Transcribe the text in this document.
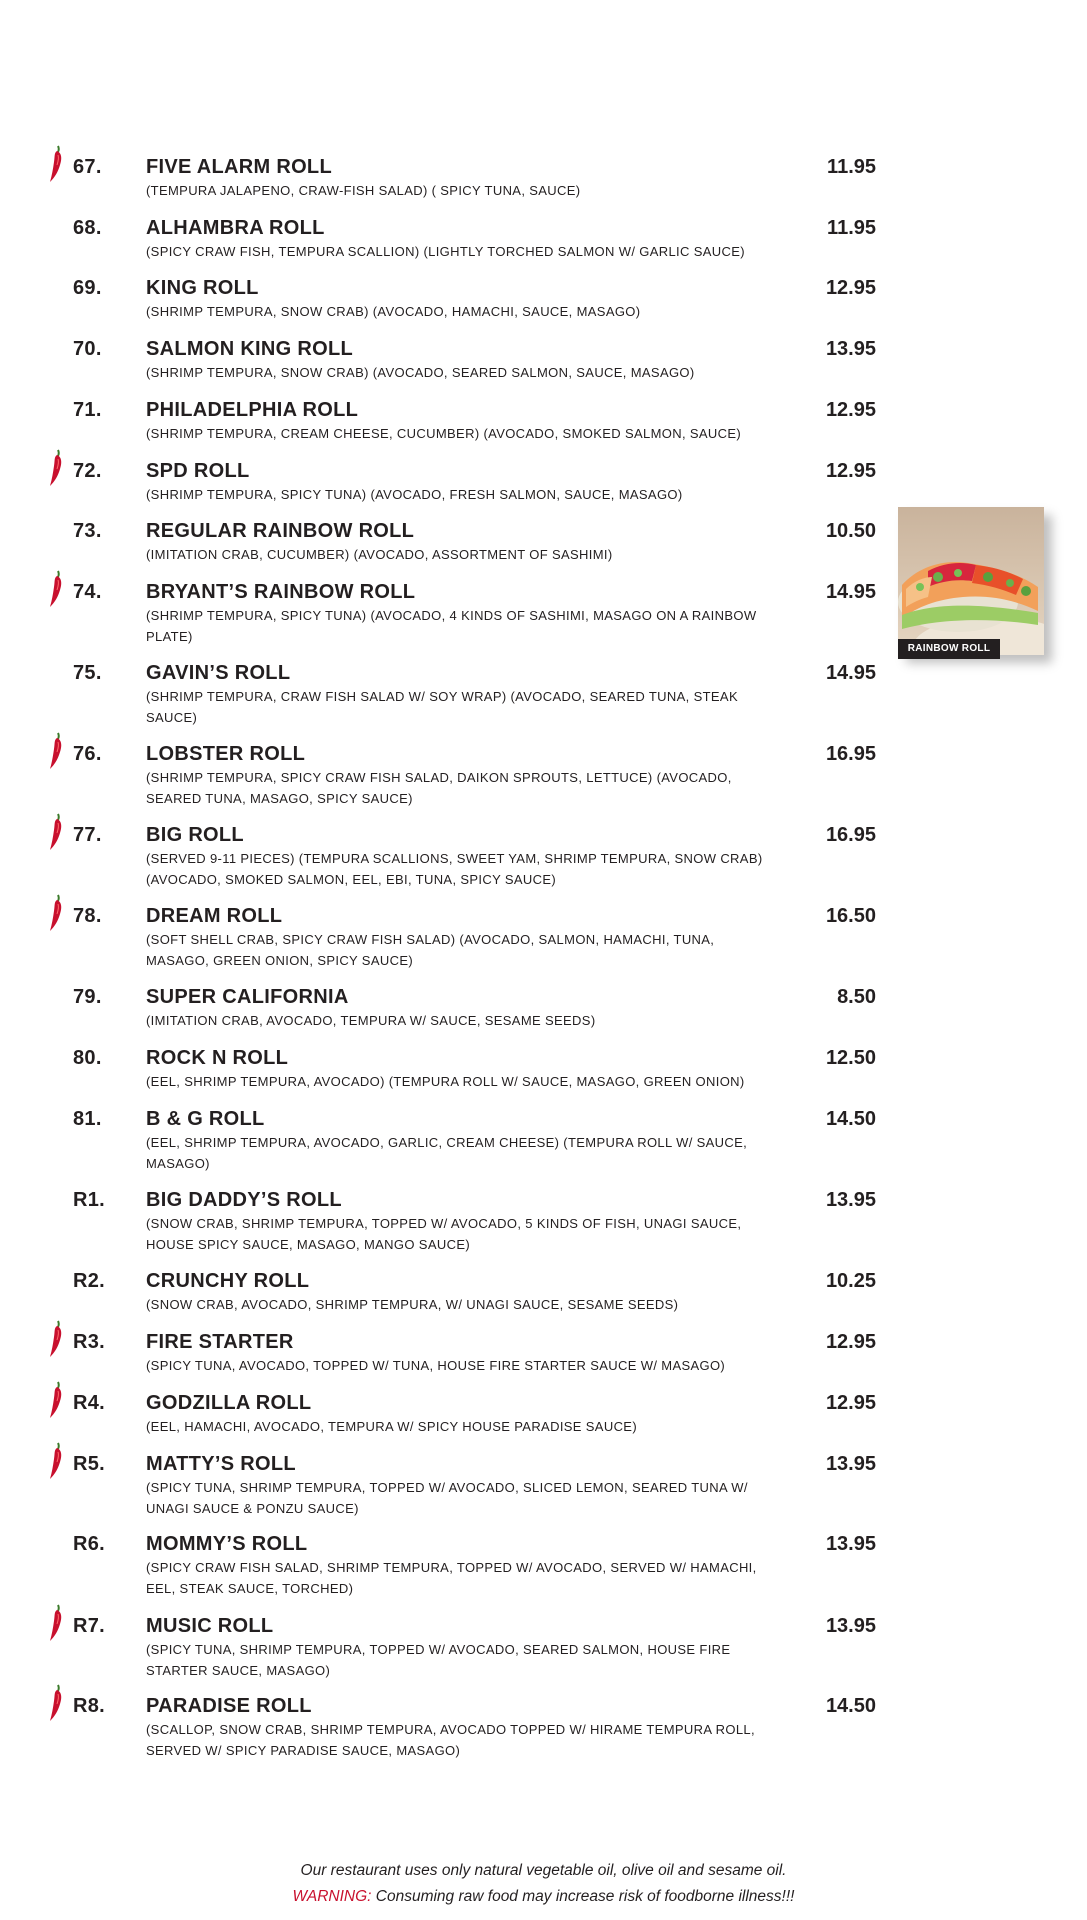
67. FIVE ALARM ROLL	11.95
(TEMPURA JALAPENO, CRAW-FISH SALAD) ( SPICY TUNA, SAUCE)
68. ALHAMBRA ROLL	11.95
(SPICY CRAW FISH, TEMPURA SCALLION) (LIGHTLY TORCHED SALMON W/ GARLIC SAUCE)
69. KING ROLL	12.95
(SHRIMP TEMPURA, SNOW CRAB) (AVOCADO, HAMACHI, SAUCE, MASAGO)
70. SALMON KING ROLL	13.95
(SHRIMP TEMPURA, SNOW CRAB) (AVOCADO, SEARED SALMON, SAUCE, MASAGO)
71. PHILADELPHIA ROLL	12.95
(SHRIMP TEMPURA, CREAM CHEESE, CUCUMBER) (AVOCADO, SMOKED SALMON, SAUCE)
72. SPD ROLL	12.95
(SHRIMP TEMPURA, SPICY TUNA) (AVOCADO, FRESH SALMON, SAUCE, MASAGO)
73. REGULAR RAINBOW ROLL	10.50
(IMITATION CRAB, CUCUMBER) (AVOCADO, ASSORTMENT OF SASHIMI)
74. BRYANT’S RAINBOW ROLL	14.95
(SHRIMP TEMPURA, SPICY TUNA) (AVOCADO, 4 KINDS OF SASHIMI, MASAGO ON A RAINBOW PLATE)
75. GAVIN’S ROLL	14.95
(SHRIMP TEMPURA, CRAW FISH SALAD W/ SOY WRAP) (AVOCADO, SEARED TUNA, STEAK SAUCE)
76. LOBSTER ROLL	16.95
(SHRIMP TEMPURA, SPICY CRAW FISH SALAD, DAIKON SPROUTS, LETTUCE) (AVOCADO, SEARED TUNA, MASAGO, SPICY SAUCE)
77. BIG ROLL	16.95
(SERVED 9-11 PIECES) (TEMPURA SCALLIONS, SWEET YAM, SHRIMP TEMPURA, SNOW CRAB) (AVOCADO, SMOKED SALMON, EEL, EBI, TUNA, SPICY SAUCE)
78. DREAM ROLL	16.50
(SOFT SHELL CRAB, SPICY CRAW FISH SALAD) (AVOCADO, SALMON, HAMACHI, TUNA, MASAGO, GREEN ONION, SPICY SAUCE)
79. SUPER CALIFORNIA	8.50
(IMITATION CRAB, AVOCADO, TEMPURA W/ SAUCE, SESAME SEEDS)
80. ROCK N ROLL	12.50
(EEL, SHRIMP TEMPURA, AVOCADO) (TEMPURA ROLL W/ SAUCE, MASAGO, GREEN ONION)
81. B & G ROLL	14.50
(EEL, SHRIMP TEMPURA, AVOCADO, GARLIC, CREAM CHEESE) (TEMPURA ROLL W/ SAUCE, MASAGO)
R1. BIG DADDY’S ROLL	13.95
(SNOW CRAB, SHRIMP TEMPURA, TOPPED W/ AVOCADO, 5 KINDS OF FISH, UNAGI SAUCE, HOUSE SPICY SAUCE, MASAGO, MANGO SAUCE)
R2. CRUNCHY ROLL	10.25
(SNOW CRAB, AVOCADO, SHRIMP TEMPURA, W/ UNAGI SAUCE, SESAME SEEDS)
R3. FIRE STARTER	12.95
(SPICY TUNA, AVOCADO, TOPPED W/ TUNA, HOUSE FIRE STARTER SAUCE W/ MASAGO)
R4. GODZILLA ROLL	12.95
(EEL, HAMACHI, AVOCADO, TEMPURA W/ SPICY HOUSE PARADISE SAUCE)
R5. MATTY’S ROLL	13.95
(SPICY TUNA, SHRIMP TEMPURA, TOPPED W/ AVOCADO, SLICED LEMON, SEARED TUNA W/ UNAGI SAUCE & PONZU SAUCE)
R6. MOMMY’S ROLL	13.95
(SPICY CRAW FISH SALAD, SHRIMP TEMPURA, TOPPED W/ AVOCADO, SERVED W/ HAMACHI, EEL, STEAK SAUCE, TORCHED)
R7. MUSIC ROLL	13.95
(SPICY TUNA, SHRIMP TEMPURA, TOPPED W/ AVOCADO, SEARED SALMON, HOUSE FIRE STARTER SAUCE, MASAGO)
R8. PARADISE ROLL	14.50
(SCALLOP, SNOW CRAB, SHRIMP TEMPURA, AVOCADO TOPPED W/ HIRAME TEMPURA ROLL, SERVED W/ SPICY PARADISE SAUCE, MASAGO)
RAINBOW ROLL
Our restaurant uses only natural vegetable oil, olive oil and sesame oil.
WARNING: Consuming raw food may increase risk of foodborne illness!!!
